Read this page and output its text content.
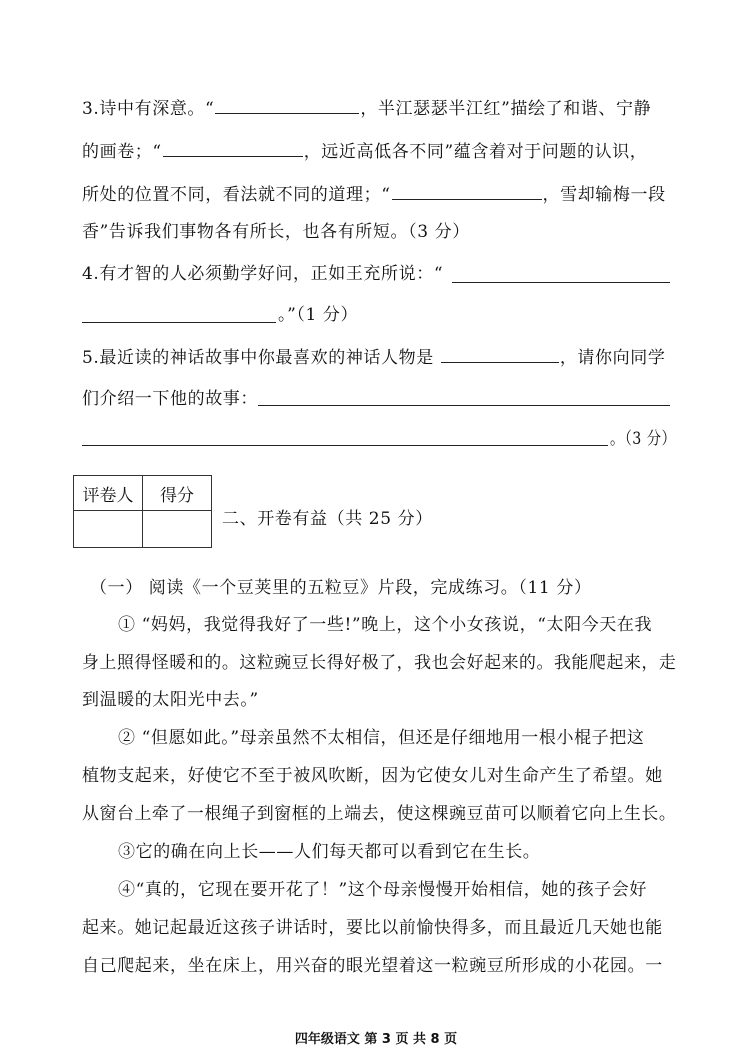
3.诗中有深意。“	，半江瑟瑟半江红”描绘了和谐、宁静
的画卷；“	，远近高低各不同”蕴含着对于问题的认识，
所处的位置不同，看法就不同的道理；“	，雪却输梅一段
香”告诉我们事物各有所长，也各有所短。（3 分）
4.有才智的人必须勤学好问，正如王充所说：“
。”（1 分）
5.最近读的神话故事中你最喜欢的神话人物是	，请你向同学
们介绍一下他的故事：
。（3 分）
评卷人	得分

二、开卷有益（共 25 分）
（一） 阅读《一个豆荚里的五粒豆》片段，完成练习。（11 分）
① “妈妈，我觉得我好了一些!”晚上，这个小女孩说，“太阳今天在我
身上照得怪暖和的。这粒豌豆长得好极了，我也会好起来的。我能爬起来，走
到温暖的太阳光中去。”
② “但愿如此。”母亲虽然不太相信，但还是仔细地用一根小棍子把这
植物支起来，好使它不至于被风吹断，因为它使女儿对生命产生了希望。她
从窗台上牵了一根绳子到窗框的上端去，使这棵豌豆苗可以顺着它向上生长。
③它的确在向上长——人们每天都可以看到它在生长。
④“真的，它现在要开花了！”这个母亲慢慢开始相信，她的孩子会好
起来。她记起最近这孩子讲话时，要比以前愉快得多，而且最近几天她也能
自己爬起来，坐在床上，用兴奋的眼光望着这一粒豌豆所形成的小花园。一
四年级语文 第 3 页 共 8 页
